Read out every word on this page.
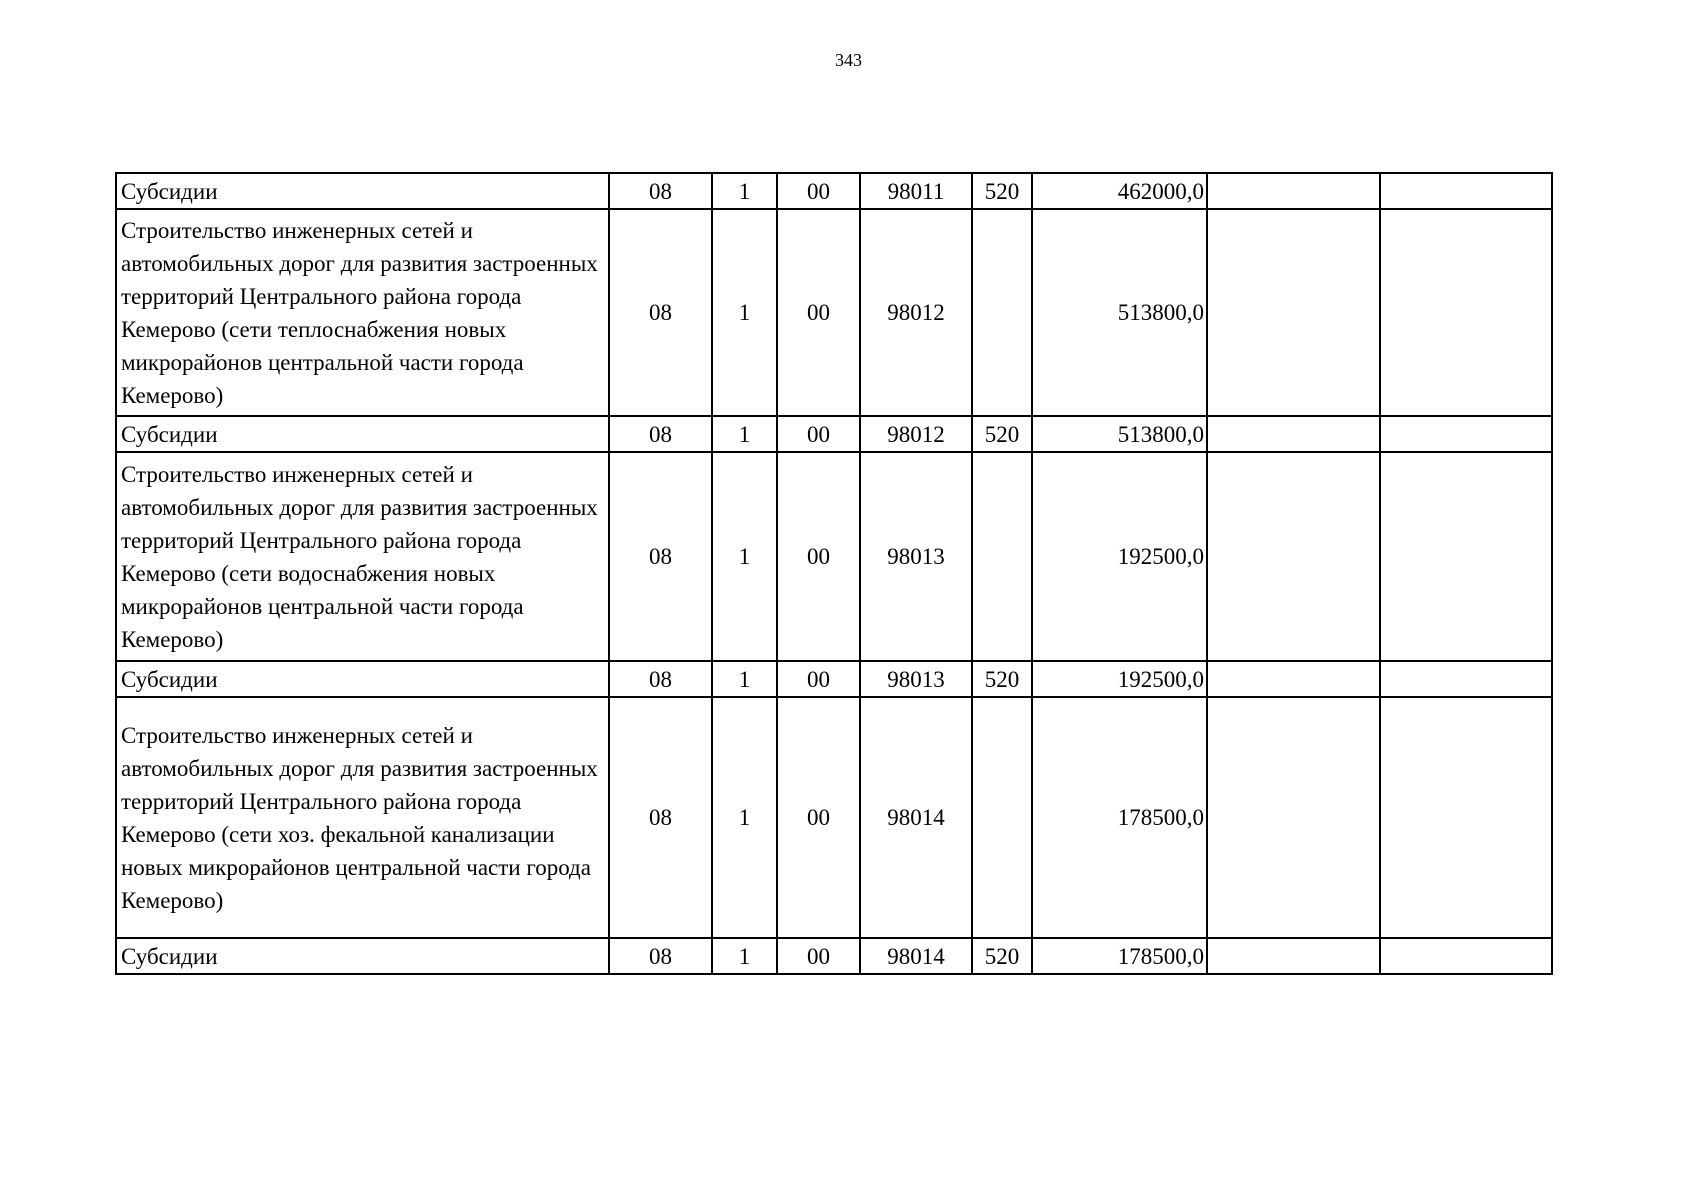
343
Субсидии	08	1	00	98011	520	462000,0		
Строительство инженерных сетей и автомобильных дорог для развития застроенных территорий Центрального района города Кемерово (сети теплоснабжения новых микрорайонов центральной части города Кемерово)	08	1	00	98012		513800,0		
Субсидии	08	1	00	98012	520	513800,0		
Строительство инженерных сетей и автомобильных дорог для развития застроенных территорий Центрального района города Кемерово (сети водоснабжения новых микрорайонов центральной части города Кемерово)	08	1	00	98013		192500,0		
Субсидии	08	1	00	98013	520	192500,0		
Строительство инженерных сетей и автомобильных дорог для развития застроенных территорий Центрального района города Кемерово (сети хоз. фекальной канализации новых микрорайонов центральной части города Кемерово)	08	1	00	98014		178500,0		
Субсидии	08	1	00	98014	520	178500,0		
